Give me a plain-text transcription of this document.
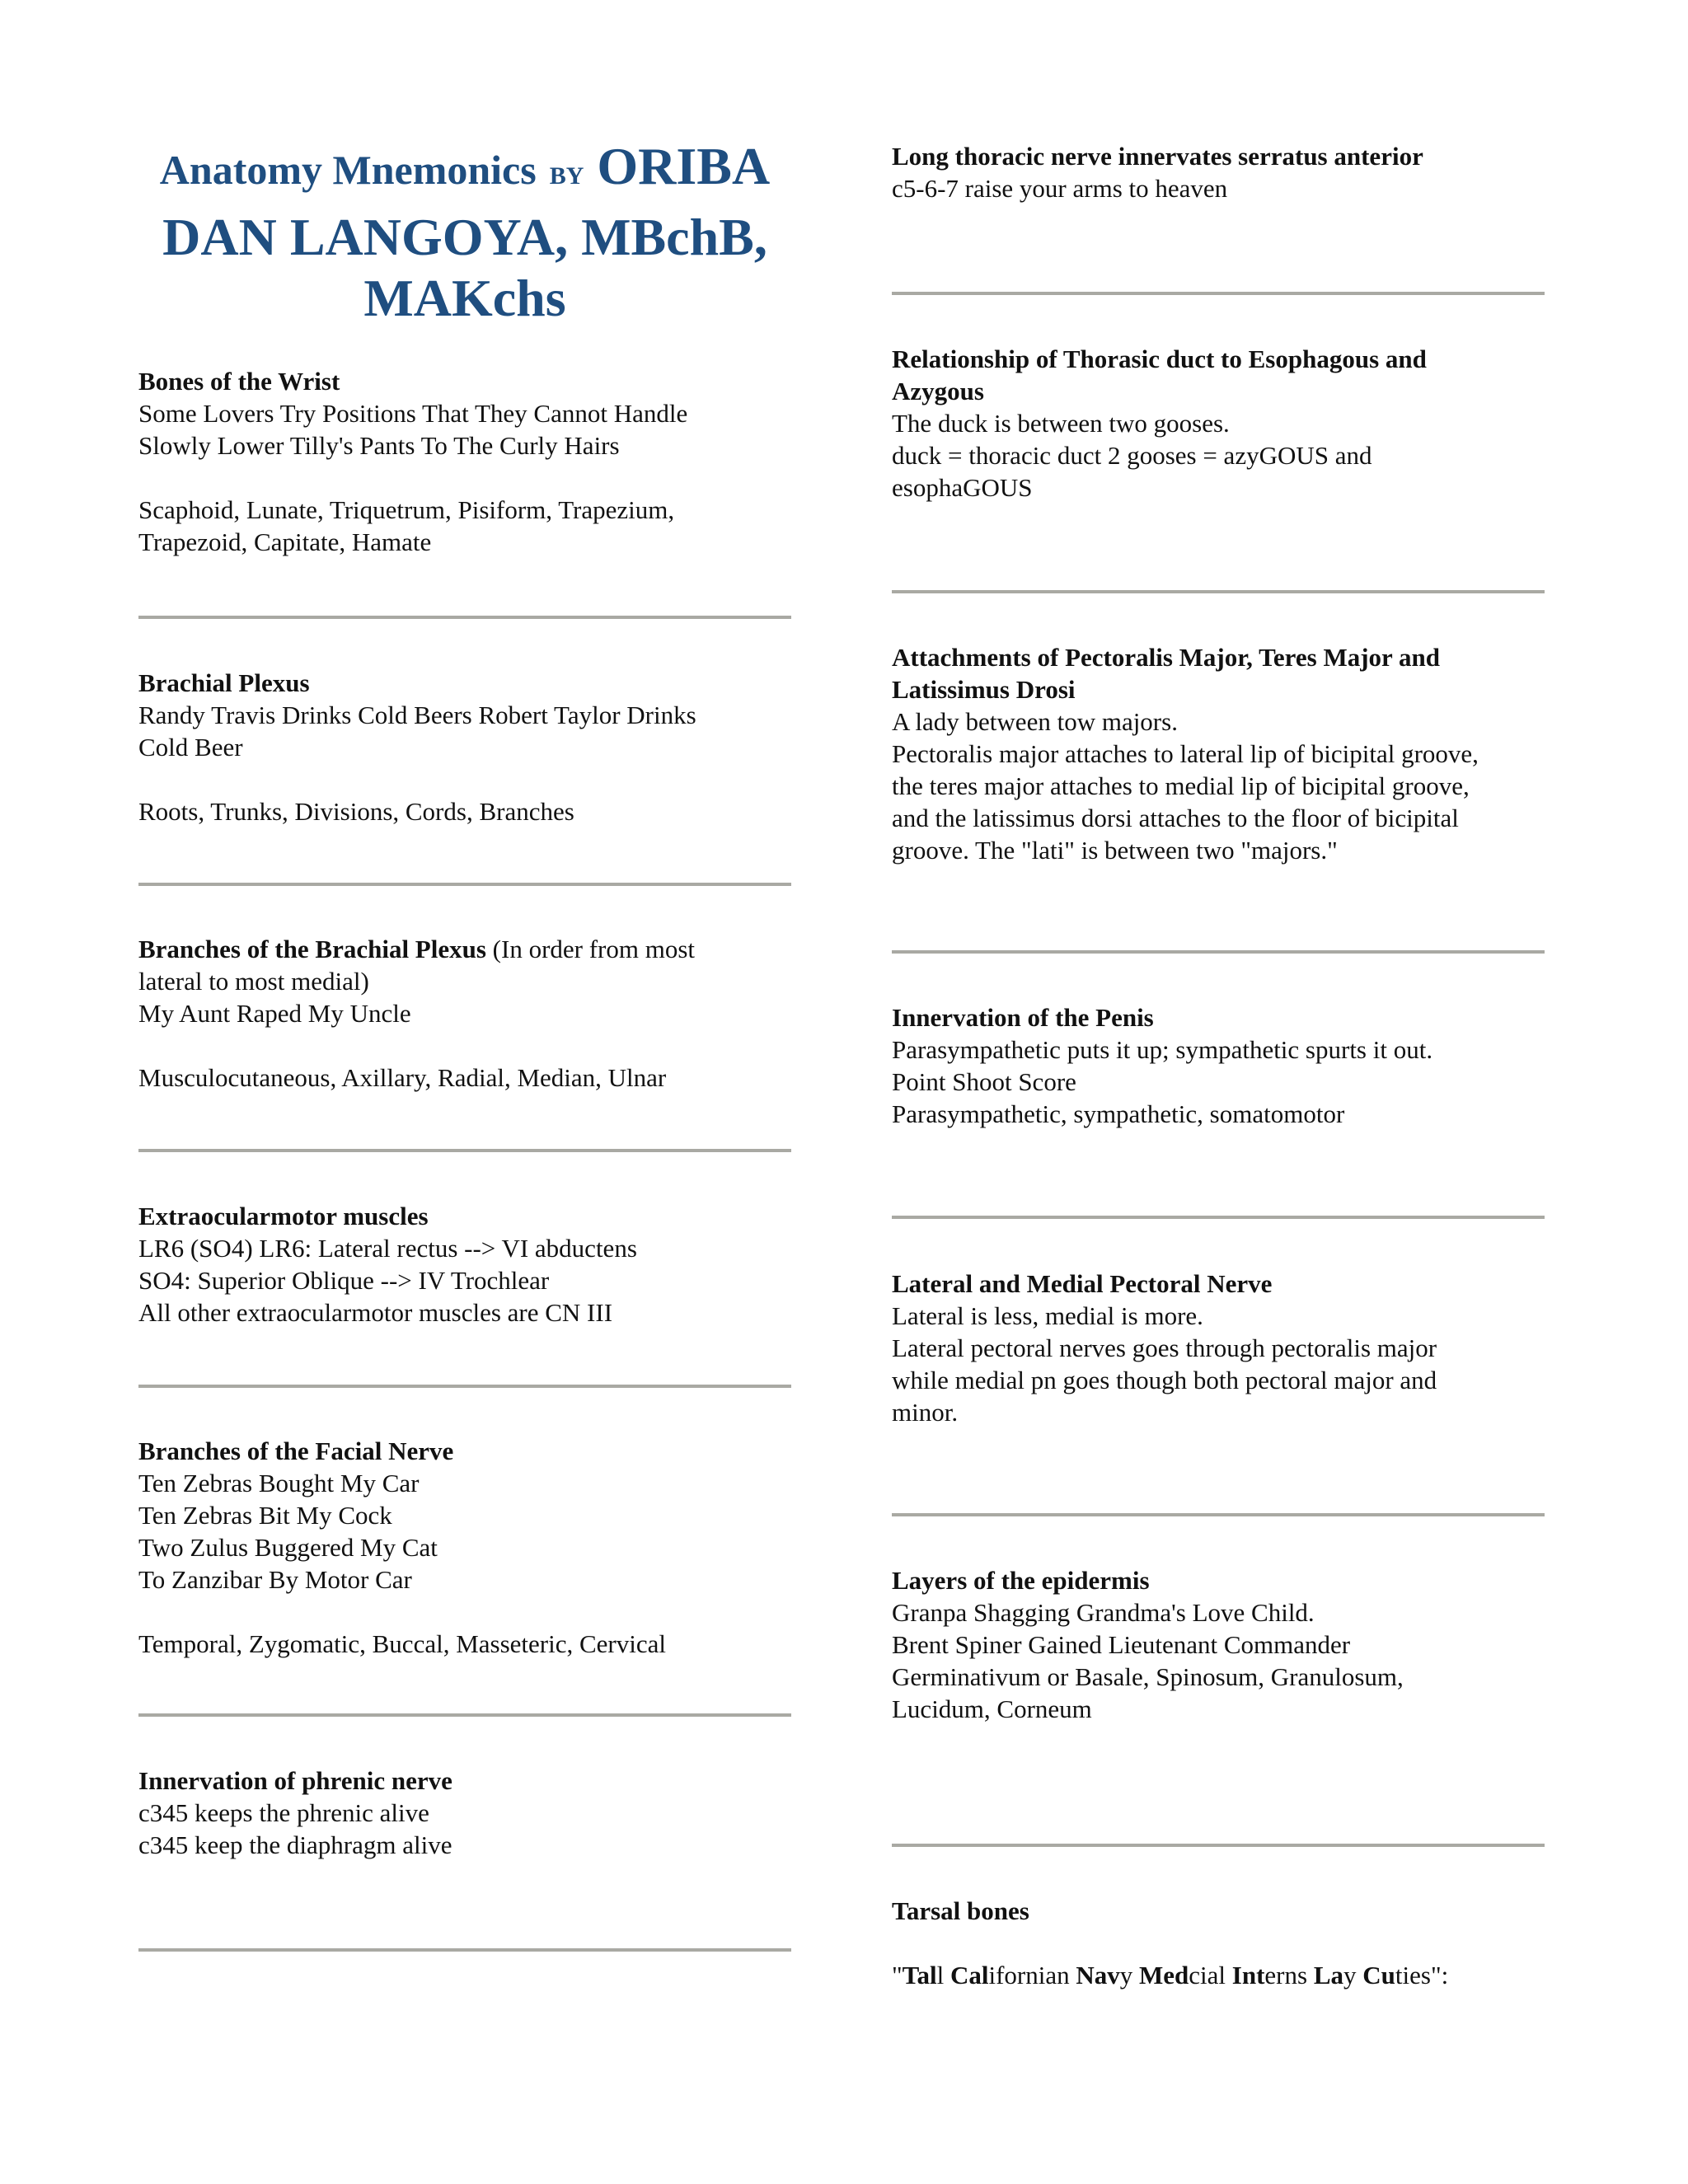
Anatomy Mnemonics BY ORIBA
DAN LANGOYA, MBchB,
MAKchs
Bones of the Wrist
Some Lovers Try Positions That They Cannot Handle
Slowly Lower Tilly's Pants To The Curly Hairs
Scaphoid, Lunate, Triquetrum, Pisiform, Trapezium,
Trapezoid, Capitate, Hamate
Brachial Plexus
Randy Travis Drinks Cold Beers Robert Taylor Drinks
Cold Beer
Roots, Trunks, Divisions, Cords, Branches
Branches of the Brachial Plexus (In order from most
lateral to most medial)
My Aunt Raped My Uncle
Musculocutaneous, Axillary, Radial, Median, Ulnar
Extraocularmotor muscles
LR6 (SO4) LR6: Lateral rectus --> VI abductens
SO4: Superior Oblique --> IV Trochlear
All other extraocularmotor muscles are CN III
Branches of the Facial Nerve
Ten Zebras Bought My Car
Ten Zebras Bit My Cock
Two Zulus Buggered My Cat
To Zanzibar By Motor Car
Temporal, Zygomatic, Buccal, Masseteric, Cervical
Innervation of phrenic nerve
c345 keeps the phrenic alive
c345 keep the diaphragm alive
Long thoracic nerve innervates serratus anterior
c5-6-7 raise your arms to heaven
Relationship of Thorasic duct to Esophagous and
Azygous
The duck is between two gooses.
duck = thoracic duct 2 gooses = azyGOUS and
esophaGOUS
Attachments of Pectoralis Major, Teres Major and
Latissimus Drosi
A lady between tow majors.
Pectoralis major attaches to lateral lip of bicipital groove,
the teres major attaches to medial lip of bicipital groove,
and the latissimus dorsi attaches to the floor of bicipital
groove. The "lati" is between two "majors."
Innervation of the Penis
Parasympathetic puts it up; sympathetic spurts it out.
Point Shoot Score
Parasympathetic, sympathetic, somatomotor
Lateral and Medial Pectoral Nerve
Lateral is less, medial is more.
Lateral pectoral nerves goes through pectoralis major
while medial pn goes though both pectoral major and
minor.
Layers of the epidermis
Granpa Shagging Grandma's Love Child.
Brent Spiner Gained Lieutenant Commander
Germinativum or Basale, Spinosum, Granulosum,
Lucidum, Corneum
Tarsal bones
"Tall Californian Navy Medcial Interns Lay Cuties":
